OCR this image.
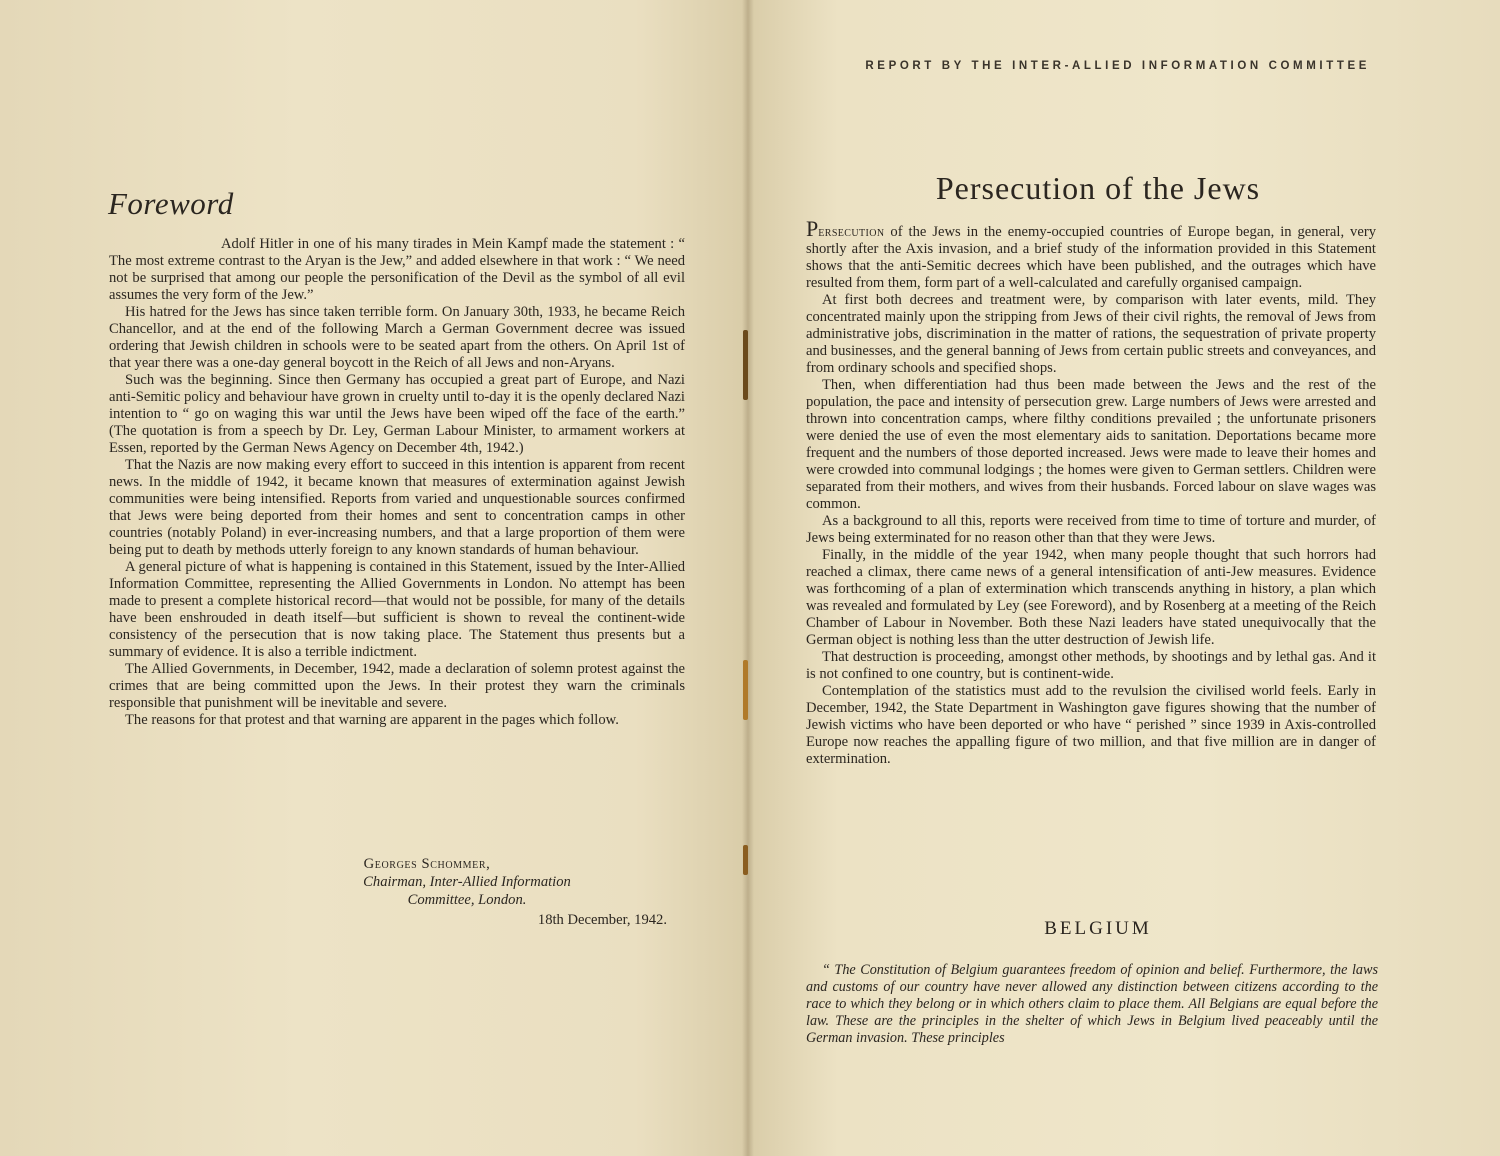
Foreword

Adolf Hitler in one of his many tirades in Mein Kampf made the statement : “ The most extreme contrast to the Aryan is the Jew,” and added elsewhere in that work : “ We need not be surprised that among our people the personification of the Devil as the symbol of all evil assumes the very form of the Jew.”

His hatred for the Jews has since taken terrible form. On January 30th, 1933, he became Reich Chancellor, and at the end of the following March a German Government decree was issued ordering that Jewish children in schools were to be seated apart from the others. On April 1st of that year there was a one-day general boycott in the Reich of all Jews and non-Aryans.

Such was the beginning. Since then Germany has occupied a great part of Europe, and Nazi anti-Semitic policy and behaviour have grown in cruelty until to-day it is the openly declared Nazi intention to “ go on waging this war until the Jews have been wiped off the face of the earth.” (The quotation is from a speech by Dr. Ley, German Labour Minister, to armament workers at Essen, reported by the German News Agency on December 4th, 1942.)

That the Nazis are now making every effort to succeed in this intention is apparent from recent news. In the middle of 1942, it became known that measures of extermination against Jewish communities were being intensified. Reports from varied and unquestionable sources confirmed that Jews were being deported from their homes and sent to concentration camps in other countries (notably Poland) in ever-increasing numbers, and that a large proportion of them were being put to death by methods utterly foreign to any known standards of human behaviour.

A general picture of what is happening is contained in this Statement, issued by the Inter-Allied Information Committee, representing the Allied Governments in London. No attempt has been made to present a complete historical record—that would not be possible, for many of the details have been enshrouded in death itself—but sufficient is shown to reveal the continent-wide consistency of the persecution that is now taking place. The Statement thus presents but a summary of evidence. It is also a terrible indictment.

The Allied Governments, in December, 1942, made a declaration of solemn protest against the crimes that are being committed upon the Jews. In their protest they warn the criminals responsible that punishment will be inevitable and severe.

The reasons for that protest and that warning are apparent in the pages which follow.

Georges Schommer,
Chairman, Inter-Allied Information
Committee, London.
18th December, 1942.
REPORT BY THE INTER-ALLIED INFORMATION COMMITTEE
Persecution of the Jews

Persecution of the Jews in the enemy-occupied countries of Europe began, in general, very shortly after the Axis invasion, and a brief study of the information provided in this Statement shows that the anti-Semitic decrees which have been published, and the outrages which have resulted from them, form part of a well-calculated and carefully organised campaign.

At first both decrees and treatment were, by comparison with later events, mild. They concentrated mainly upon the stripping from Jews of their civil rights, the removal of Jews from administrative jobs, discrimination in the matter of rations, the sequestration of private property and businesses, and the general banning of Jews from certain public streets and conveyances, and from ordinary schools and specified shops.

Then, when differentiation had thus been made between the Jews and the rest of the population, the pace and intensity of persecution grew. Large numbers of Jews were arrested and thrown into concentration camps, where filthy conditions prevailed ; the unfortunate prisoners were denied the use of even the most elementary aids to sanitation. Deportations became more frequent and the numbers of those deported increased. Jews were made to leave their homes and were crowded into communal lodgings ; the homes were given to German settlers. Children were separated from their mothers, and wives from their husbands. Forced labour on slave wages was common.

As a background to all this, reports were received from time to time of torture and murder, of Jews being exterminated for no reason other than that they were Jews.

Finally, in the middle of the year 1942, when many people thought that such horrors had reached a climax, there came news of a general intensification of anti-Jew measures. Evidence was forthcoming of a plan of extermination which transcends anything in history, a plan which was revealed and formulated by Ley (see Foreword), and by Rosenberg at a meeting of the Reich Chamber of Labour in November. Both these Nazi leaders have stated unequivocally that the German object is nothing less than the utter destruction of Jewish life.

That destruction is proceeding, amongst other methods, by shootings and by lethal gas. And it is not confined to one country, but is continent-wide.

Contemplation of the statistics must add to the revulsion the civilised world feels. Early in December, 1942, the State Department in Washington gave figures showing that the number of Jewish victims who have been deported or who have “ perished ” since 1939 in Axis-controlled Europe now reaches the appalling figure of two million, and that five million are in danger of extermination.

BELGIUM

“ The Constitution of Belgium guarantees freedom of opinion and belief. Furthermore, the laws and customs of our country have never allowed any distinction between citizens according to the race to which they belong or in which others claim to place them. All Belgians are equal before the law. These are the principles in the shelter of which Jews in Belgium lived peaceably until the German invasion. These principles
